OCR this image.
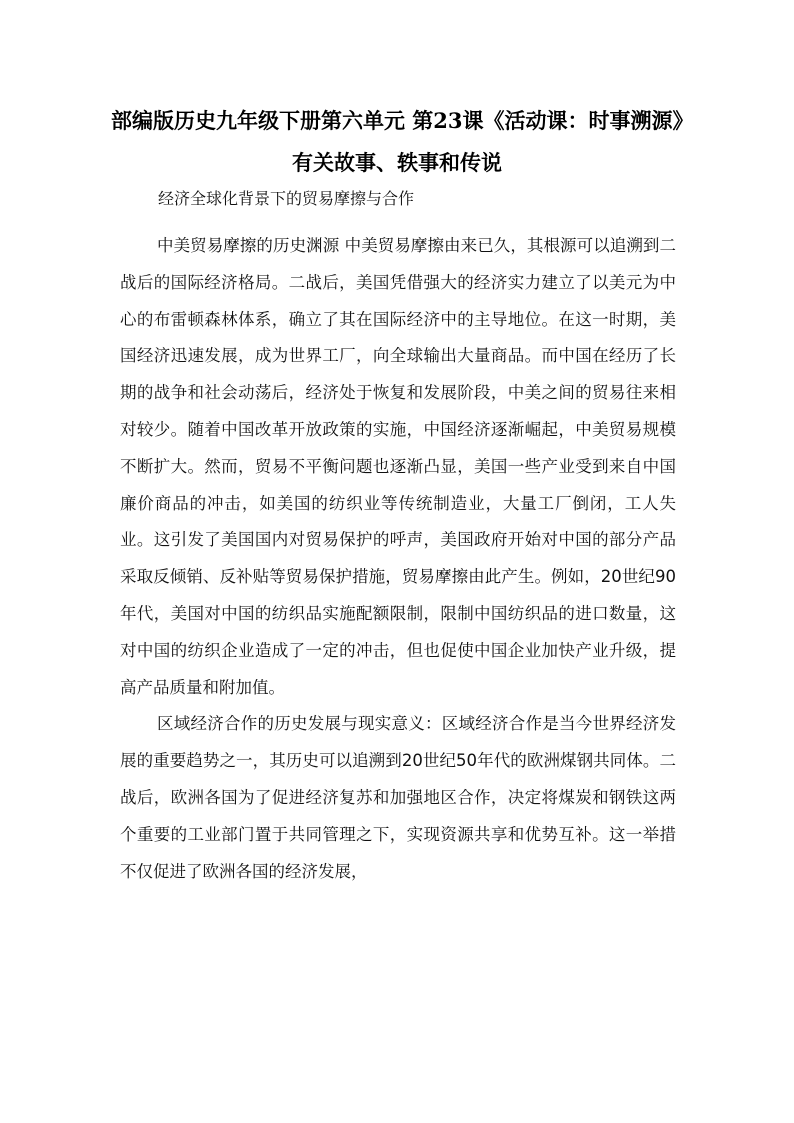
部编版历史九年级下册第六单元 第23课《活动课：时事溯源》有关故事、轶事和传说

经济全球化背景下的贸易摩擦与合作

中美贸易摩擦的历史渊源 中美贸易摩擦由来已久，其根源可以追溯到二战后的国际经济格局。二战后，美国凭借强大的经济实力建立了以美元为中心的布雷顿森林体系，确立了其在国际经济中的主导地位。在这一时期，美国经济迅速发展，成为世界工厂，向全球输出大量商品。而中国在经历了长期的战争和社会动荡后，经济处于恢复和发展阶段，中美之间的贸易往来相对较少。随着中国改革开放政策的实施，中国经济逐渐崛起，中美贸易规模不断扩大。然而，贸易不平衡问题也逐渐凸显，美国一些产业受到来自中国廉价商品的冲击，如美国的纺织业等传统制造业，大量工厂倒闭，工人失业。这引发了美国国内对贸易保护的呼声，美国政府开始对中国的部分产品采取反倾销、反补贴等贸易保护措施，贸易摩擦由此产生。例如，20世纪90年代，美国对中国的纺织品实施配额限制，限制中国纺织品的进口数量，这对中国的纺织企业造成了一定的冲击，但也促使中国企业加快产业升级，提高产品质量和附加值。

区域经济合作的历史发展与现实意义：区域经济合作是当今世界经济发展的重要趋势之一，其历史可以追溯到20世纪50年代的欧洲煤钢共同体。二战后，欧洲各国为了促进经济复苏和加强地区合作，决定将煤炭和钢铁这两个重要的工业部门置于共同管理之下，实现资源共享和优势互补。这一举措不仅促进了欧洲各国的经济发展，
